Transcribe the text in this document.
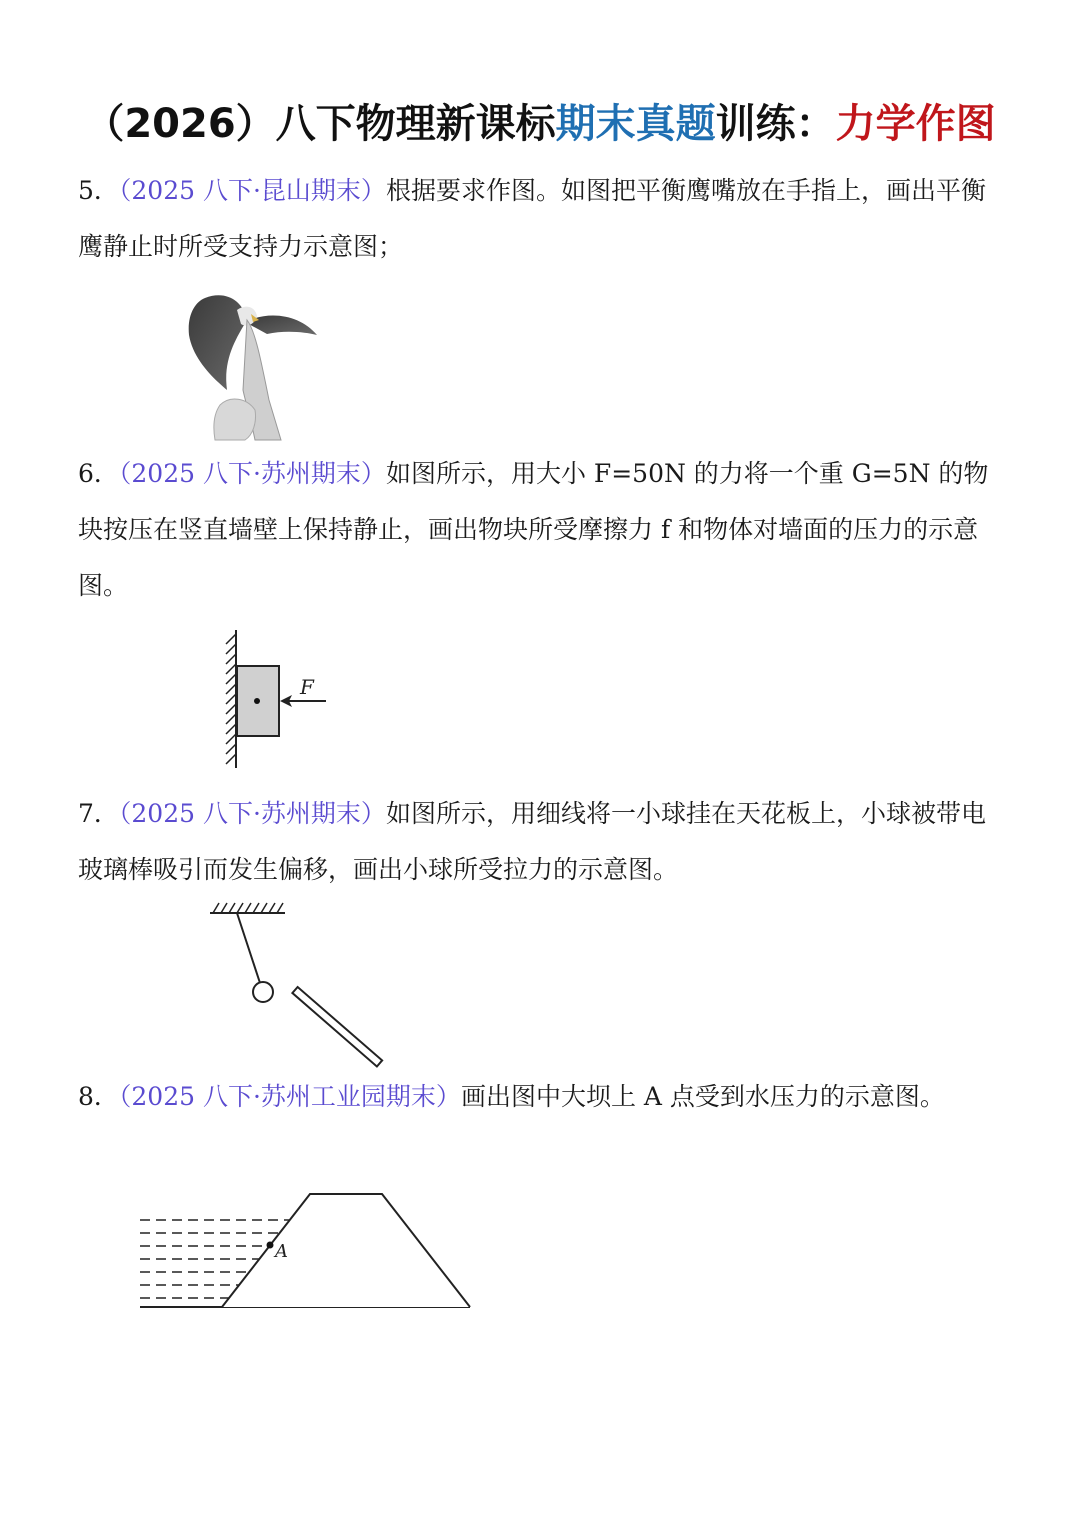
（2026）八下物理新课标期末真题训练：力学作图
5．（2025 八下·昆山期末）根据要求作图。如图把平衡鹰嘴放在手指上，画出平衡鹰静止时所受支持力示意图；
6．（2025 八下·苏州期末）如图所示，用大小 F=50N 的力将一个重 G=5N 的物块按压在竖直墙壁上保持静止，画出物块所受摩擦力 f 和物体对墙面的压力的示意图。
F
7．（2025 八下·苏州期末）如图所示，用细线将一小球挂在天花板上，小球被带电玻璃棒吸引而发生偏移，画出小球所受拉力的示意图。
8．（2025 八下·苏州工业园期末）画出图中大坝上 A 点受到水压力的示意图。
A
